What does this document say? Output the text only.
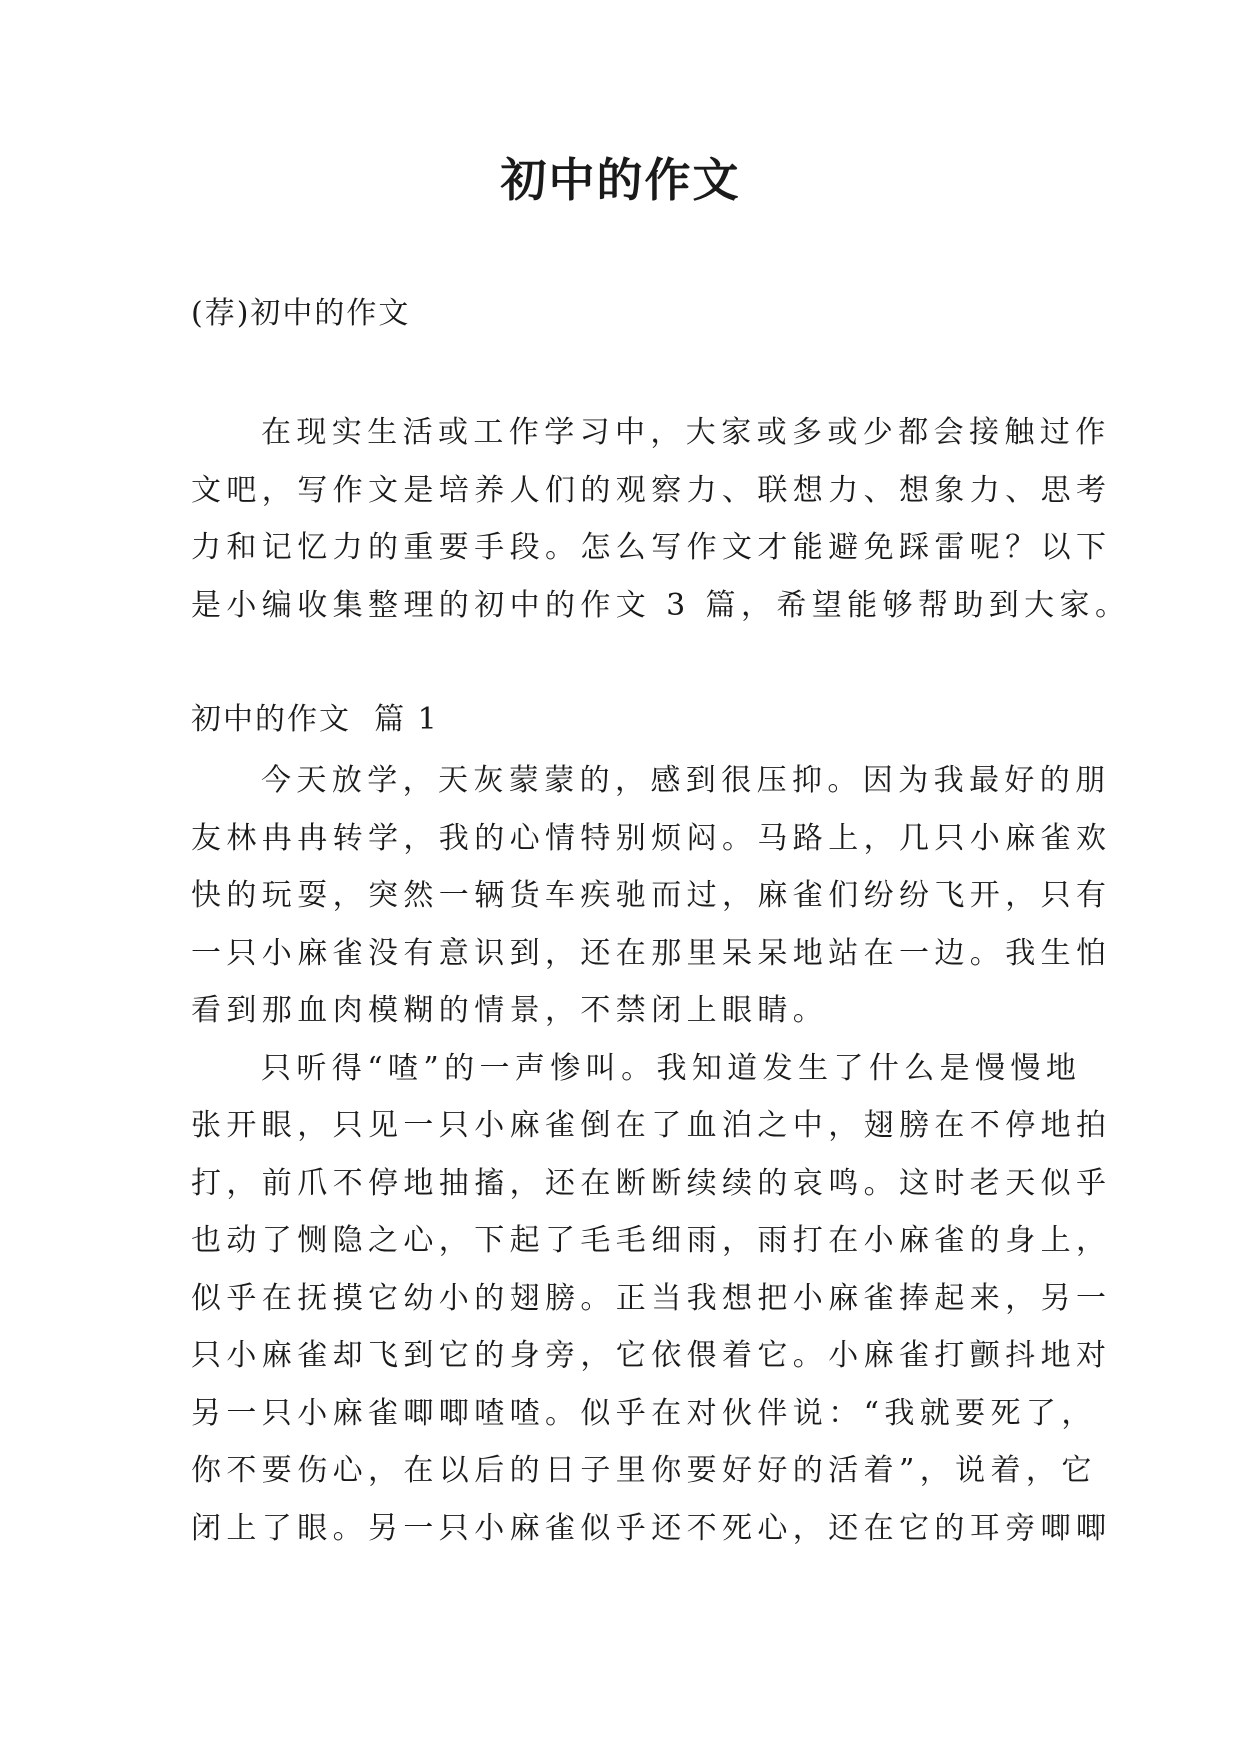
初中的作文
(荐)初中的作文
在现实生活或工作学习中，大家或多或少都会接触过作
文吧，写作文是培养人们的观察力、联想力、想象力、思考
力和记忆力的重要手段。怎么写作文才能避免踩雷呢？以下
是小编收集整理的初中的作文 3 篇，希望能够帮助到大家。
初中的作文  篇 1
今天放学，天灰蒙蒙的，感到很压抑。因为我最好的朋
友林冉冉转学，我的心情特别烦闷。马路上，几只小麻雀欢
快的玩耍，突然一辆货车疾驰而过，麻雀们纷纷飞开，只有
一只小麻雀没有意识到，还在那里呆呆地站在一边。我生怕
看到那血肉模糊的情景，不禁闭上眼睛。
只听得“喳”的一声惨叫。我知道发生了什么是慢慢地
张开眼，只见一只小麻雀倒在了血泊之中，翅膀在不停地拍
打，前爪不停地抽搐，还在断断续续的哀鸣。这时老天似乎
也动了恻隐之心，下起了毛毛细雨，雨打在小麻雀的身上，
似乎在抚摸它幼小的翅膀。正当我想把小麻雀捧起来，另一
只小麻雀却飞到它的身旁，它依偎着它。小麻雀打颤抖地对
另一只小麻雀唧唧喳喳。似乎在对伙伴说：“我就要死了，
你不要伤心，在以后的日子里你要好好的活着”，说着，它
闭上了眼。另一只小麻雀似乎还不死心，还在它的耳旁唧唧
